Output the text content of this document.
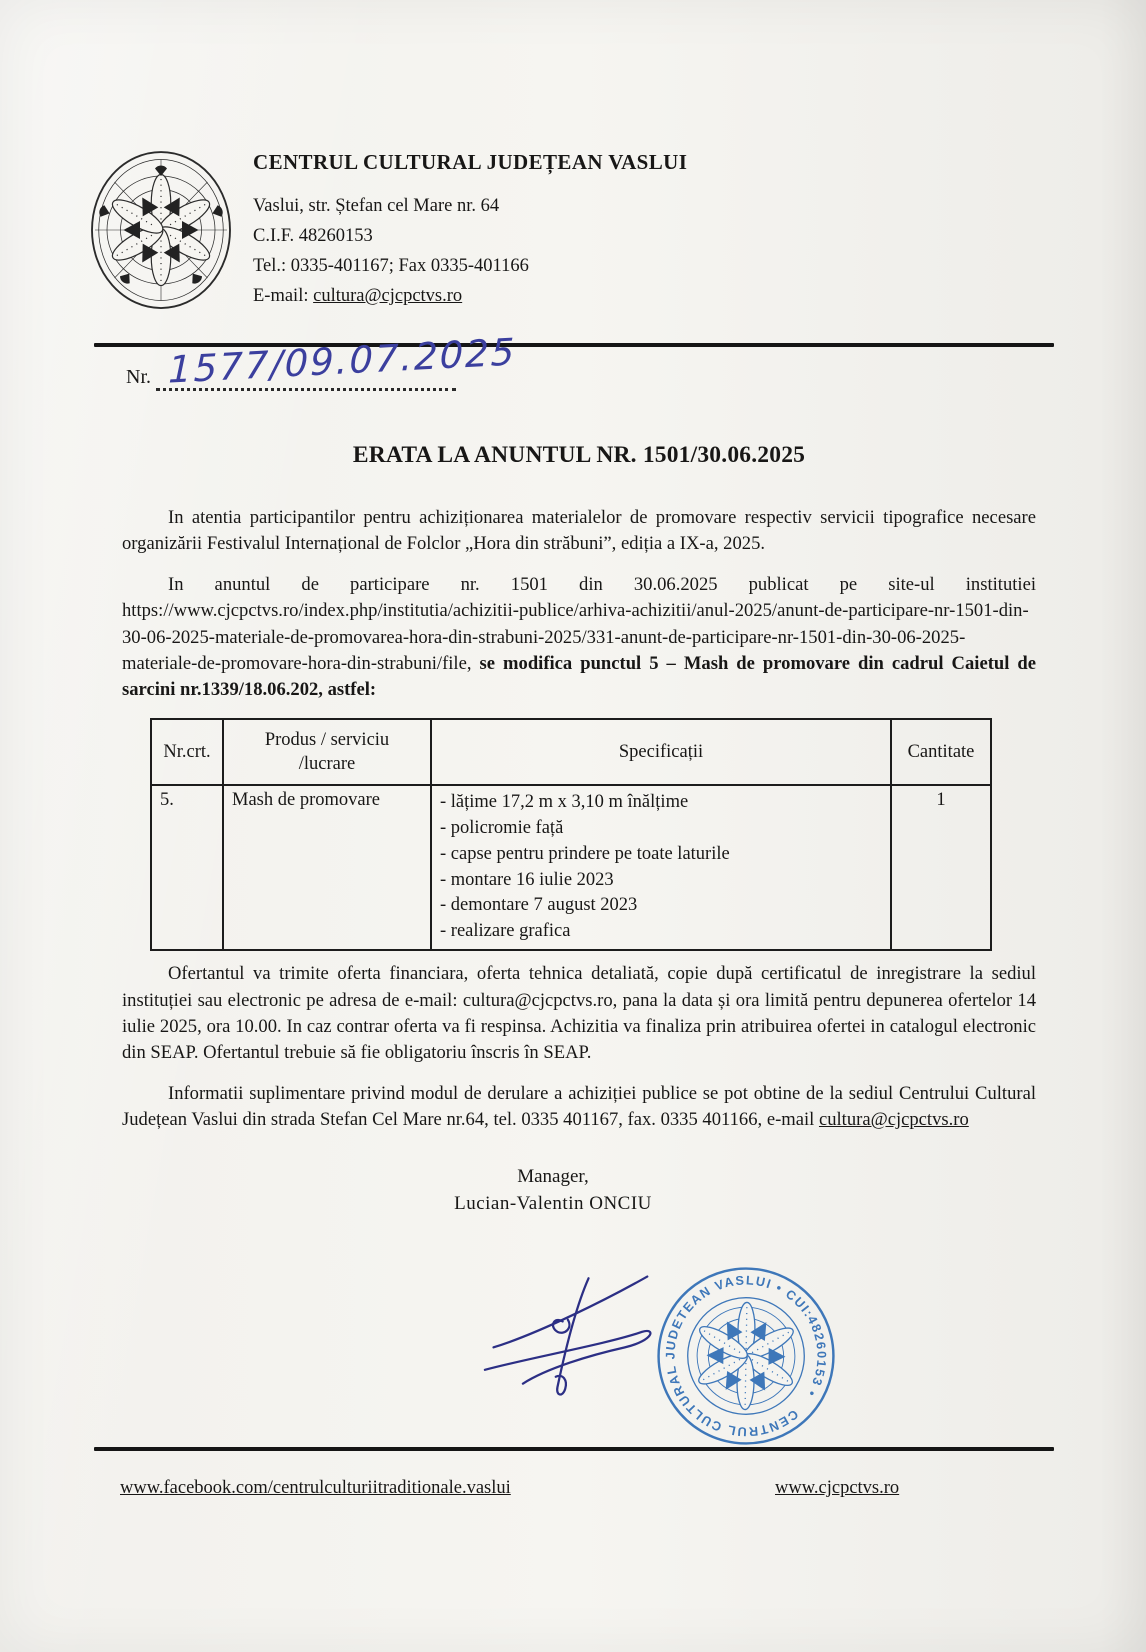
CENTRUL CULTURAL JUDEȚEAN VASLUI
Vaslui, str. Ștefan cel Mare nr. 64
C.I.F. 48260153
Tel.: 0335-401167; Fax 0335-401166
E-mail: cultura@cjcpctvs.ro
Nr. 1577/09.07.2025
ERATA LA ANUNTUL NR. 1501/30.06.2025

In atentia participantilor pentru achiziționarea materialelor de promovare respectiv servicii tipografice necesare organizării Festivalul Internațional de Folclor „Hora din străbuni”, ediția a IX-a, 2025.

In anuntul de participare nr. 1501 din 30.06.2025 publicat pe site-ul institutiei https://www.cjcpctvs.ro/index.php/institutia/achizitii-publice/arhiva-achizitii/anul-2025/anunt-de-participare-nr-1501-din-30-06-2025-materiale-de-promovarea-hora-din-strabuni-2025/331-anunt-de-participare-nr-1501-din-30-06-2025-materiale-de-promovare-hora-din-strabuni/file, se modifica punctul 5 – Mash de promovare din cadrul Caietul de sarcini nr.1339/18.06.202, astfel:

Nr.crt.	Produs / serviciu
/lucrare	Specificații	Cantitate
5.	Mash de promovare	- lățime 17,2 m x 3,10 m înălțime
- policromie față
- capse pentru prindere pe toate laturile
- montare 16 iulie 2023
- demontare 7 august 2023
- realizare grafica
	1

Ofertantul va trimite oferta financiara, oferta tehnica detaliată, copie după certificatul de inregistrare la sediul instituției sau electronic pe adresa de e-mail: cultura@cjcpctvs.ro, pana la data și ora limită pentru depunerea ofertelor 14 iulie 2025, ora 10.00. In caz contrar oferta va fi respinsa. Achizitia va finaliza prin atribuirea ofertei in catalogul electronic din SEAP. Ofertantul trebuie să fie obligatoriu înscris în SEAP.

Informatii suplimentare privind modul de derulare a achiziției publice se pot obtine de la sediul Centrului Cultural Județean Vaslui din strada Stefan Cel Mare nr.64, tel. 0335 401167, fax. 0335 401166, e-mail cultura@cjcpctvs.ro

Manager,
Lucian-Valentin ONCIU
CENTRUL CULTURAL JUDETEAN VASLUI • CUI:48260153 •
www.facebook.com/centrulculturiitraditionale.vaslui	www.cjcpctvs.ro
